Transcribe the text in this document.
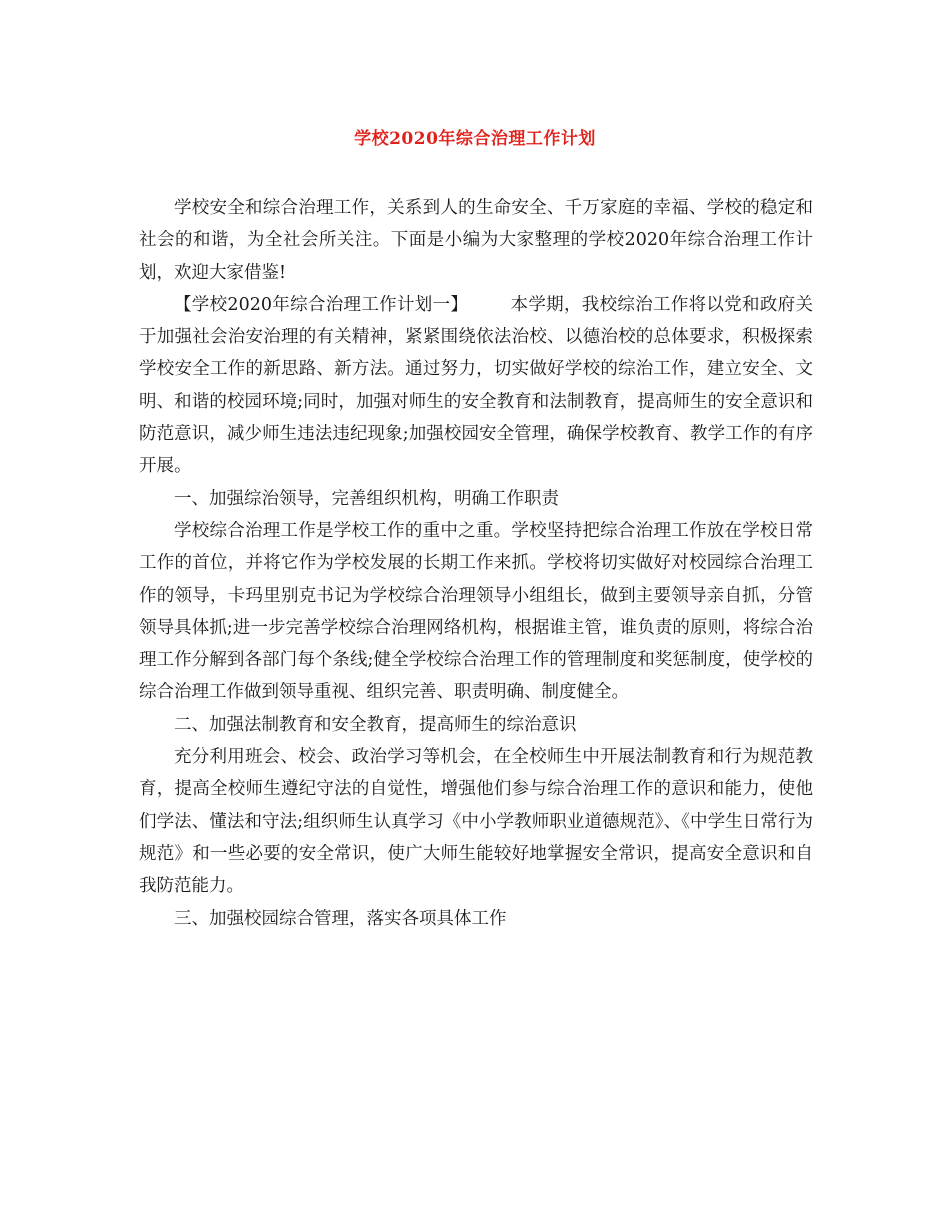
学校2020年综合治理工作计划

学校安全和综合治理工作，关系到人的生命安全、千万家庭的幸福、学校的稳定和社会的和谐，为全社会所关注。下面是小编为大家整理的学校2020年综合治理工作计划，欢迎大家借鉴!

【学校2020年综合治理工作计划一】 本学期，我校综治工作将以党和政府关于加强社会治安治理的有关精神，紧紧围绕依法治校、以德治校的总体要求，积极探索学校安全工作的新思路、新方法。通过努力，切实做好学校的综治工作，建立安全、文明、和谐的校园环境;同时，加强对师生的安全教育和法制教育，提高师生的安全意识和防范意识，减少师生违法违纪现象;加强校园安全管理，确保学校教育、教学工作的有序开展。

一、加强综治领导，完善组织机构，明确工作职责

学校综合治理工作是学校工作的重中之重。学校坚持把综合治理工作放在学校日常工作的首位，并将它作为学校发展的长期工作来抓。学校将切实做好对校园综合治理工作的领导，卡玛里别克书记为学校综合治理领导小组组长，做到主要领导亲自抓，分管领导具体抓;进一步完善学校综合治理网络机构，根据谁主管，谁负责的原则，将综合治理工作分解到各部门每个条线;健全学校综合治理工作的管理制度和奖惩制度，使学校的综合治理工作做到领导重视、组织完善、职责明确、制度健全。

二、加强法制教育和安全教育，提高师生的综治意识

充分利用班会、校会、政治学习等机会，在全校师生中开展法制教育和行为规范教育，提高全校师生遵纪守法的自觉性，增强他们参与综合治理工作的意识和能力，使他们学法、懂法和守法;组织师生认真学习《中小学教师职业道德规范》、《中学生日常行为规范》和一些必要的安全常识，使广大师生能较好地掌握安全常识，提高安全意识和自我防范能力。

三、加强校园综合管理，落实各项具体工作
